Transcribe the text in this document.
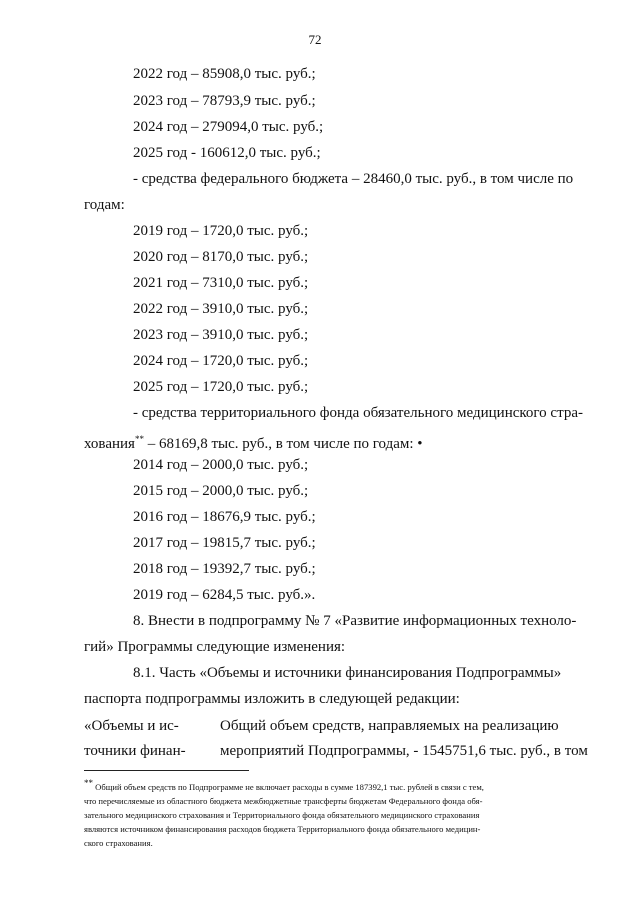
72
2022 год – 85908,0 тыс. руб.;
2023 год – 78793,9 тыс. руб.;
2024 год – 279094,0 тыс. руб.;
2025 год - 160612,0 тыс. руб.;
- средства федерального бюджета – 28460,0 тыс. руб., в том числе по
годам:
2019 год – 1720,0 тыс. руб.;
2020 год – 8170,0 тыс. руб.;
2021 год – 7310,0 тыс. руб.;
2022 год – 3910,0 тыс. руб.;
2023 год – 3910,0 тыс. руб.;
2024 год – 1720,0 тыс. руб.;
2025 год – 1720,0 тыс. руб.;
- средства территориального фонда обязательного медицинского стра-
хования** – 68169,8 тыс. руб., в том числе по годам: •
2014 год – 2000,0 тыс. руб.;
2015 год – 2000,0 тыс. руб.;
2016 год – 18676,9 тыс. руб.;
2017 год – 19815,7 тыс. руб.;
2018 год – 19392,7 тыс. руб.;
2019 год – 6284,5 тыс. руб.».
8. Внести в подпрограмму № 7 «Развитие информационных техноло-
гий» Программы следующие изменения:
8.1. Часть «Объемы и источники финансирования Подпрограммы»
паспорта подпрограммы изложить в следующей редакции:
«Объемы и ис-
точники финан-
Общий объем средств, направляемых на реализацию
мероприятий Подпрограммы, - 1545751,6 тыс. руб., в том
** Общий объем средств по Подпрограмме не включает расходы в сумме 187392,1 тыс. рублей в связи с тем,
что перечисляемые из областного бюджета межбюджетные трансферты бюджетам Федерального фонда обя-
зательного медицинского страхования и Территориального фонда обязательного медицинского страхования
являются источником финансирования расходов бюджета Территориального фонда обязательного медицин-
ского страхования.
